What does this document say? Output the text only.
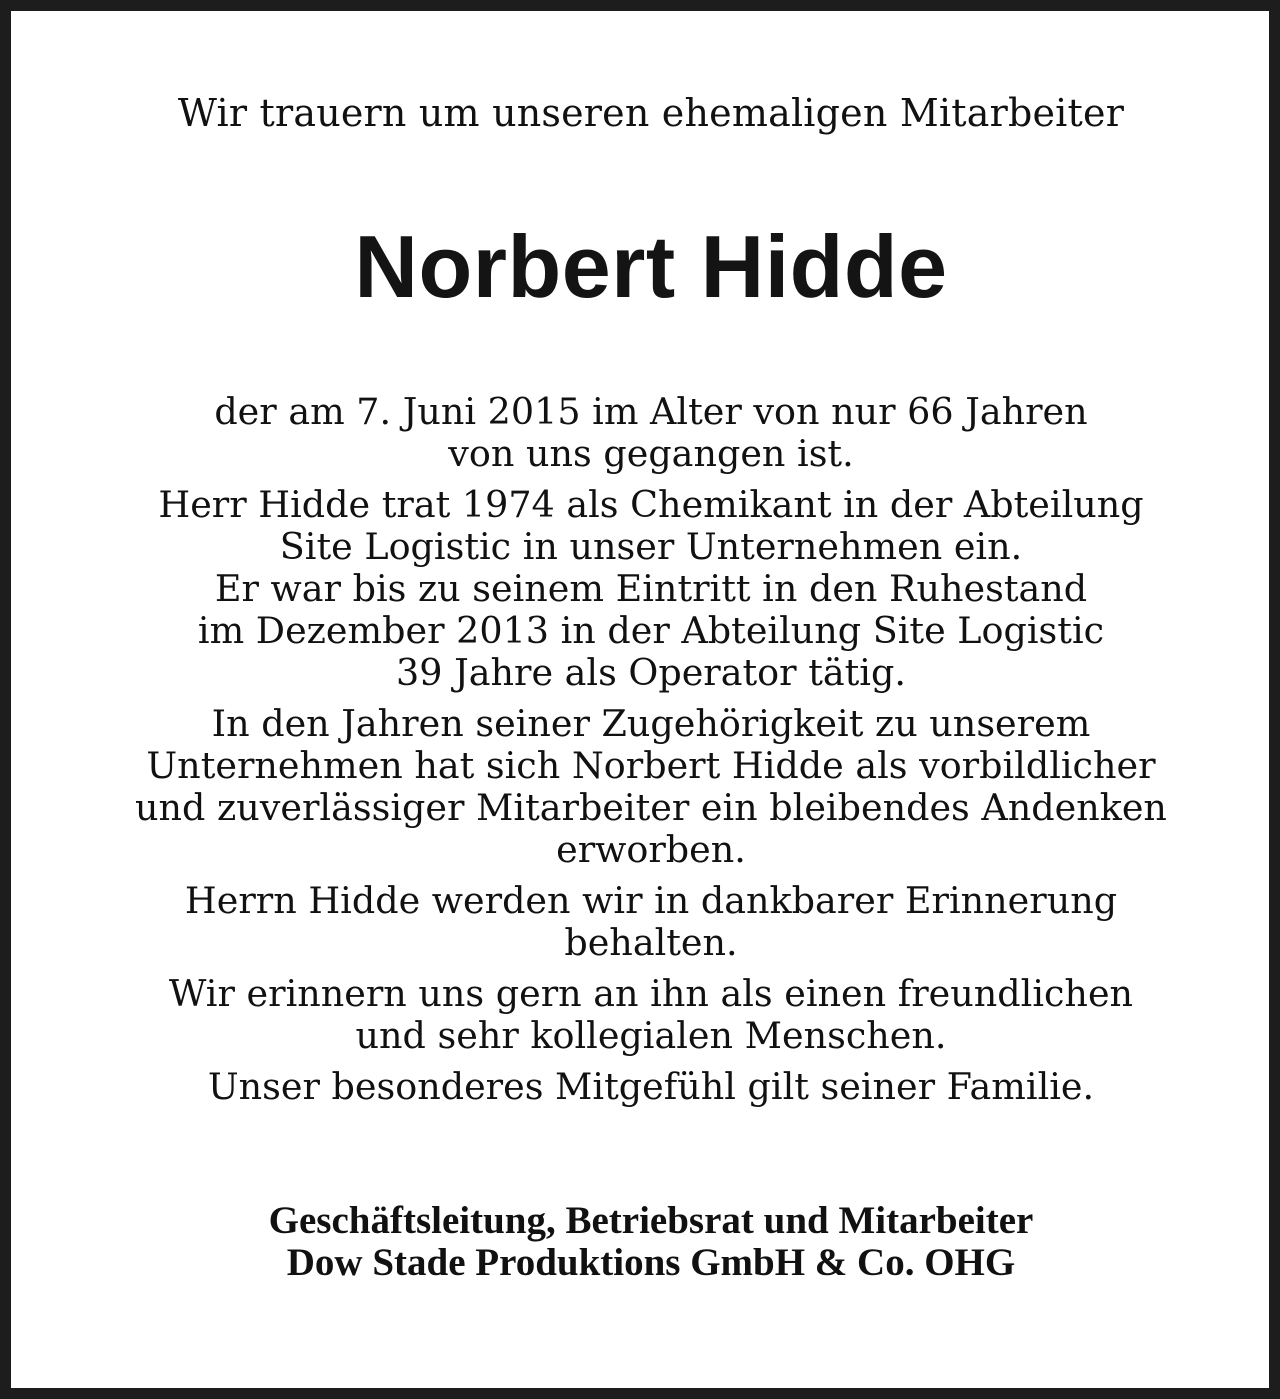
Wir trauern um unseren ehemaligen Mitarbeiter
Norbert Hidde
der am 7. Juni 2015 im Alter von nur 66 Jahren
von uns gegangen ist.
Herr Hidde trat 1974 als Chemikant in der Abteilung
Site Logistic in unser Unternehmen ein.
Er war bis zu seinem Eintritt in den Ruhestand
im Dezember 2013 in der Abteilung Site Logistic
39 Jahre als Operator tätig.
In den Jahren seiner Zugehörigkeit zu unserem
Unternehmen hat sich Norbert Hidde als vorbildlicher
und zuverlässiger Mitarbeiter ein bleibendes Andenken
erworben.
Herrn Hidde werden wir in dankbarer Erinnerung
behalten.
Wir erinnern uns gern an ihn als einen freundlichen
und sehr kollegialen Menschen.
Unser besonderes Mitgefühl gilt seiner Familie.
Geschäftsleitung, Betriebsrat und Mitarbeiter
Dow Stade Produktions GmbH & Co. OHG
